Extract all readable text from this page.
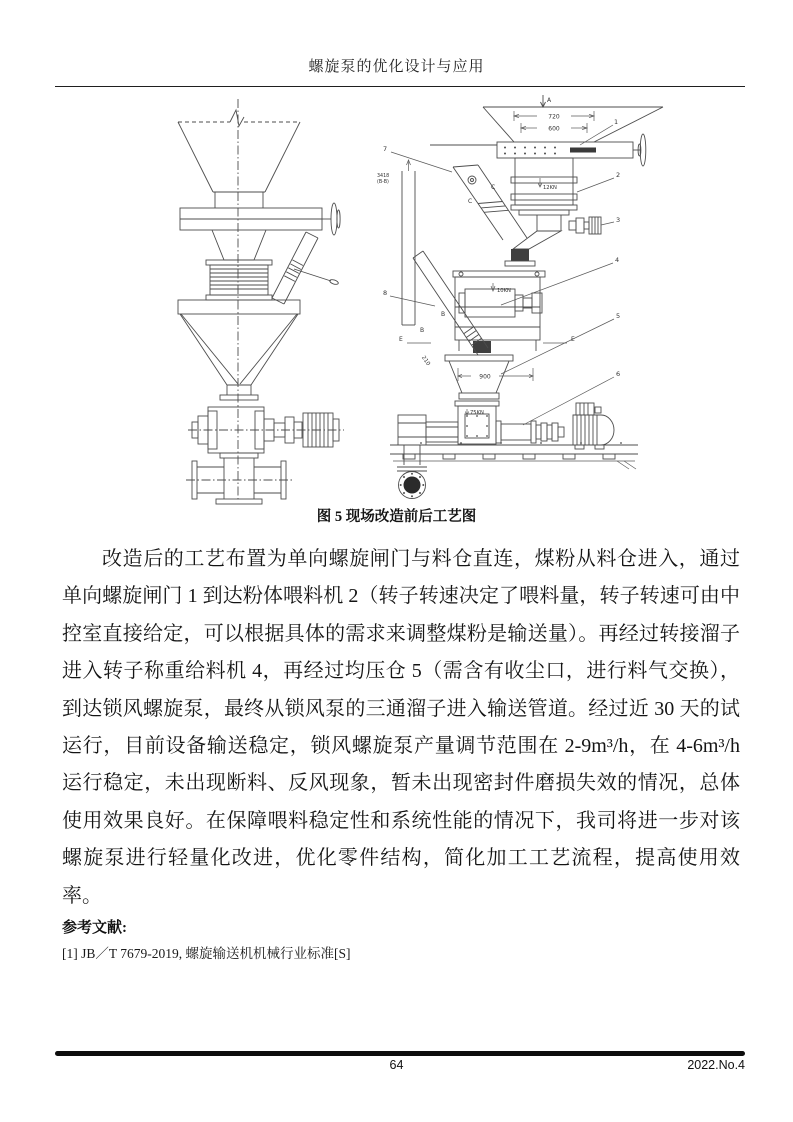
螺旋泵的优化设计与应用
A
720
600
900
210
12KN
10KN
75KN
3418
(B-B)
B
B
C
C
E	E
1
2
3
4
5
6
7
8
图 5 现场改造前后工艺图
改造后的工艺布置为单向螺旋闸门与料仓直连，煤粉从料仓进入，通过单向螺旋闸门 1 到达粉体喂料机 2（转子转速决定了喂料量，转子转速可由中控室直接给定，可以根据具体的需求来调整煤粉是输送量）。再经过转接溜子进入转子称重给料机 4，再经过均压仓 5（需含有收尘口，进行料气交换），到达锁风螺旋泵，最终从锁风泵的三通溜子进入输送管道。经过近 30 天的试运行，目前设备输送稳定，锁风螺旋泵产量调节范围在 2-9m³/h，在 4-6m³/h 运行稳定，未出现断料、反风现象，暂未出现密封件磨损失效的情况，总体使用效果良好。在保障喂料稳定性和系统性能的情况下，我司将进一步对该螺旋泵进行轻量化改进，优化零件结构，简化加工工艺流程，提高使用效率。
参考文献:
[1] JB／T 7679-2019, 螺旋输送机机械行业标准[S]
64	2022.No.4
